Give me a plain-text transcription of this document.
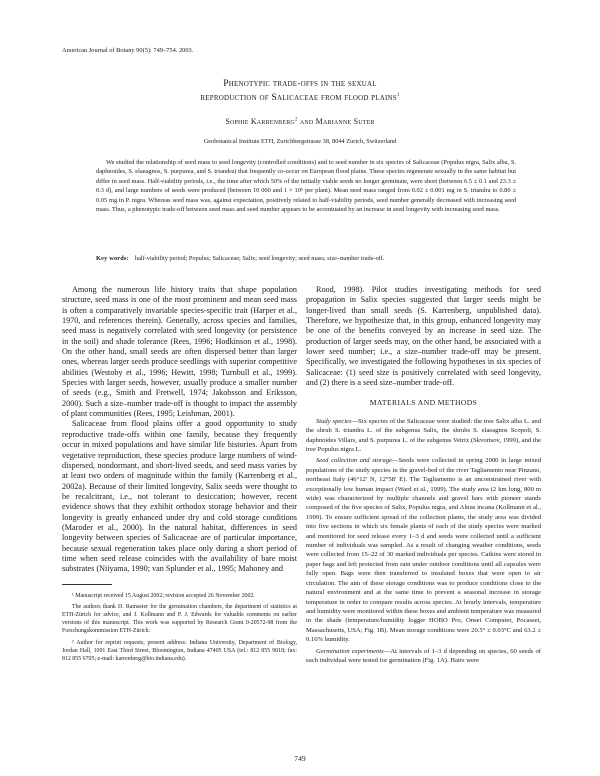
American Journal of Botany 90(5): 749–754. 2003.
Phenotypic trade-offs in the sexual
reproduction of Salicaceae from flood plains$^1$
Sophie Karrenberg$^2$ and Marianne Suter
Geobotanical Institute ETH, Zurichbergstrasse 38, 8044 Zurich, Switzerland

We studied the relationship of seed mass to seed longevity (controlled conditions) and to seed number in six species of Salicaceae (Populus nigra, Salix alba, S. daphnoides, S. elaeagnos, S. purpurea, and S. triandra) that frequently co-occur on European flood plains. These species regenerate sexually in the same habitat but differ in seed mass. Half-viability periods, i.e., the time after which 50% of the initially viable seeds no longer germinate, were short (between 6.5 ± 0.1 and 23.3 ± 0.3 d), and large numbers of seeds were produced (between 10 000 and 1 × 10⁶ per plant). Mean seed mass ranged from 0.02 ± 0.001 mg in S. triandra to 0.80 ± 0.05 mg in P. nigra. Whereas seed mass was, against expectation, positively related to half-viability periods, seed number generally decreased with increasing seed mass. Thus, a phenotypic trade-off between seed mass and seed number appears to be accentuated by an increase in seed longevity with increasing seed mass.

Key words: half-viability period; Populus; Salicaceae; Salix; seed longevity; seed mass; size–number trade-off.

Among the numerous life history traits that shape population structure, seed mass is one of the most prominent and mean seed mass is often a comparatively invariable species-specific trait (Harper et al., 1970, and references therein). Generally, across species and families, seed mass is negatively correlated with seed longevity (or persistence in the soil) and shade tolerance (Rees, 1996; Hodkinson et al., 1998). On the other hand, small seeds are often dispersed better than larger ones, whereas larger seeds produce seedlings with superior competitive abilities (Westoby et al., 1996; Hewitt, 1998; Turnbull et al., 1999). Species with larger seeds, however, usually produce a smaller number of seeds (e.g., Smith and Fretwell, 1974; Jakobsson and Eriksson, 2000). Such a size–number trade-off is thought to impact the assembly of plant communities (Rees, 1995; Leishman, 2001).

Salicaceae from flood plains offer a good opportunity to study reproductive trade-offs within one family, because they frequently occur in mixed populations and have similar life histories. Apart from vegetative reproduction, these species produce large numbers of wind-dispersed, nondormant, and short-lived seeds, and seed mass varies by at least two orders of magnitude within the family (Karrenberg et al., 2002a). Because of their limited longevity, Salix seeds were thought to be recalcitrant, i.e., not tolerant to desiccation; however, recent evidence shows that they exhibit orthodox storage behavior and their longevity is greatly enhanced under dry and cold storage conditions (Maroder et al., 2000). In the natural habitat, differences in seed longevity between species of Salicaceae are of particular importance, because sexual regeneration takes place only during a short period of time when seed release coincides with the availability of bare moist substrates (Niiyama, 1990; van Splunder et al., 1995; Mahoney and

¹ Manuscript received 15 August 2002; revision accepted 26 November 2002.

The authors thank D. Ramseier for the germination chambers, the department of statistics at ETH-Zürich for advice, and J. Kollmann and P. J. Edwards for valuable comments on earlier versions of this manuscript. This work was supported by Research Grant 0-20572-98 from the Forschungskommission ETH-Zürich.

² Author for reprint requests, present address: Indiana University, Department of Biology, Jordan Hall, 1001 East Third Street, Bloomington, Indiana 47405 USA (tel.: 812 855 9018; fax: 812 855 6705; e-mail: karrenberg@bio.indiana.edu).

Rood, 1998). Pilot studies investigating methods for seed propagation in Salix species suggested that larger seeds might be longer-lived than small seeds (S. Karrenberg, unpublished data). Therefore, we hypothesize that, in this group, enhanced longevity may be one of the benefits conveyed by an increase in seed size. The production of larger seeds may, on the other hand, be associated with a lower seed number; i.e., a size–number trade-off may be present. Specifically, we investigated the following hypotheses in six species of Salicaceae: (1) seed size is positively correlated with seed longevity, and (2) there is a seed size–number trade-off.

MATERIALS AND METHODS

Study species—Six species of the Salicaceae were studied: the tree Salix alba L. and the shrub S. triandra L. of the subgenus Salix, the shrubs S. elaeagnos Scopoli, S. daphnoides Villars, and S. purpurea L. of the subgenus Vetrix (Skvortsov, 1999), and the tree Populus nigra L.

Seed collection and storage—Seeds were collected in spring 2000 in large mixed populations of the study species in the gravel-bed of the river Tagliamento near Pinzano, northeast Italy (46°12′ N, 12°58′ E). The Tagliamento is an unconstrained river with exceptionally low human impact (Ward et al., 1999). The study area (2 km long, 800 m wide) was characterized by multiple channels and gravel bars with pioneer stands composed of the five species of Salix, Populus nigra, and Alnus incana (Kollmann et al., 1999). To ensure sufficient spread of the collection plants, the study area was divided into five sections in which six female plants of each of the study species were marked and monitored for seed release every 1–3 d and seeds were collected until a sufficient number of individuals was sampled. As a result of changing weather conditions, seeds were collected from 15–22 of 30 marked individuals per species. Catkins were stored in paper bags and left protected from rain under outdoor conditions until all capsules were fully open. Bags were then transferred to insulated boxes that were open to air circulation. The aim of these storage conditions was to produce conditions close to the natural environment and at the same time to prevent a seasonal increase in storage temperature in order to compare results across species. At hourly intervals, temperature and humidity were monitored within these boxes and ambient temperature was measured in the shade (temperature/humidity logger HOBO Pro, Onset Computer, Pocasset, Massachusetts, USA; Fig. 1B). Mean storage conditions were 20.5° ± 0.03°C and 63.2 ± 0.16% humidity.

Germination experiments—At intervals of 1–3 d depending on species, 60 seeds of each individual were tested for germination (Fig. 1A). Hairs were

749
